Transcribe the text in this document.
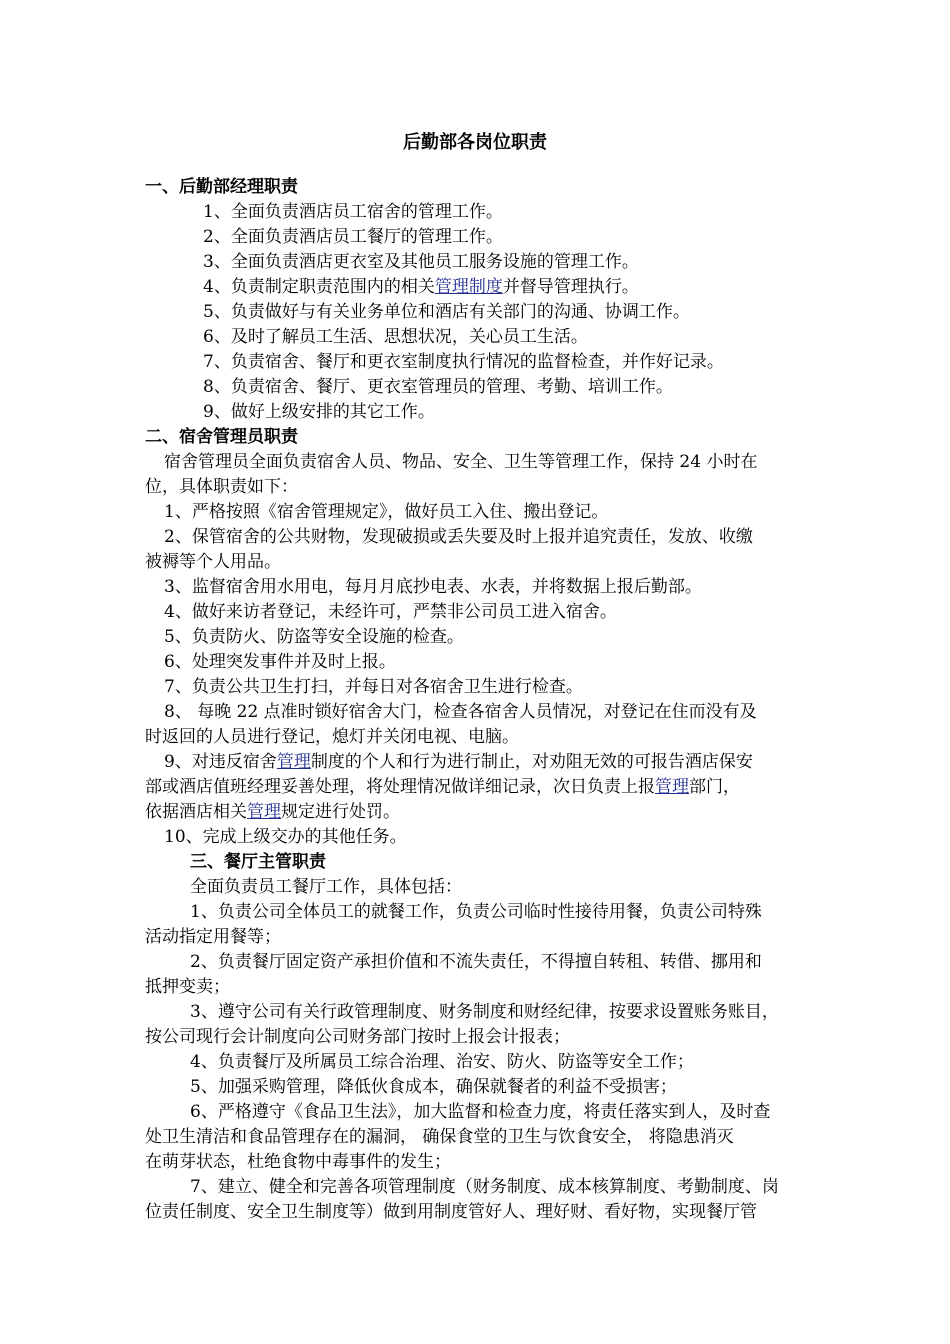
后勤部各岗位职责
一、后勤部经理职责
1、全面负责酒店员工宿舍的管理工作。
2、全面负责酒店员工餐厅的管理工作。
3、全面负责酒店更衣室及其他员工服务设施的管理工作。
4、负责制定职责范围内的相关管理制度并督导管理执行。
5、负责做好与有关业务单位和酒店有关部门的沟通、协调工作。
6、及时了解员工生活、思想状况，关心员工生活。
7、负责宿舍、餐厅和更衣室制度执行情况的监督检查，并作好记录。
8、负责宿舍、餐厅、更衣室管理员的管理、考勤、培训工作。
9、做好上级安排的其它工作。
二、宿舍管理员职责
宿舍管理员全面负责宿舍人员、物品、安全、卫生等管理工作，保持 24 小时在
位，具体职责如下：
1、严格按照《宿舍管理规定》，做好员工入住、搬出登记。
2、保管宿舍的公共财物，发现破损或丢失要及时上报并追究责任，发放、收缴
被褥等个人用品。
3、监督宿舍用水用电，每月月底抄电表、水表，并将数据上报后勤部。
4、做好来访者登记，未经许可，严禁非公司员工进入宿舍。
5、负责防火、防盗等安全设施的检查。
6、处理突发事件并及时上报。
7、负责公共卫生打扫，并每日对各宿舍卫生进行检查。
8、 每晚 22 点准时锁好宿舍大门，检查各宿舍人员情况，对登记在住而没有及
时返回的人员进行登记，熄灯并关闭电视、电脑。
9、对违反宿舍管理制度的个人和行为进行制止，对劝阻无效的可报告酒店保安
部或酒店值班经理妥善处理，将处理情况做详细记录，次日负责上报管理部门，
依据酒店相关管理规定进行处罚。
10、完成上级交办的其他任务。
三、餐厅主管职责
全面负责员工餐厅工作，具体包括：
1、负责公司全体员工的就餐工作，负责公司临时性接待用餐，负责公司特殊
活动指定用餐等；
2、负责餐厅固定资产承担价值和不流失责任，不得擅自转租、转借、挪用和
抵押变卖；
3、遵守公司有关行政管理制度、财务制度和财经纪律，按要求设置账务账目，
按公司现行会计制度向公司财务部门按时上报会计报表；
4、负责餐厅及所属员工综合治理、治安、防火、防盗等安全工作；
5、加强采购管理，降低伙食成本，确保就餐者的利益不受损害；
6、严格遵守《食品卫生法》，加大监督和检查力度，将责任落实到人，及时查
处卫生清洁和食品管理存在的漏洞， 确保食堂的卫生与饮食安全， 将隐患消灭
在萌芽状态，杜绝食物中毒事件的发生；
7、建立、健全和完善各项管理制度（财务制度、成本核算制度、考勤制度、岗
位责任制度、安全卫生制度等）做到用制度管好人、理好财、看好物，实现餐厅管
